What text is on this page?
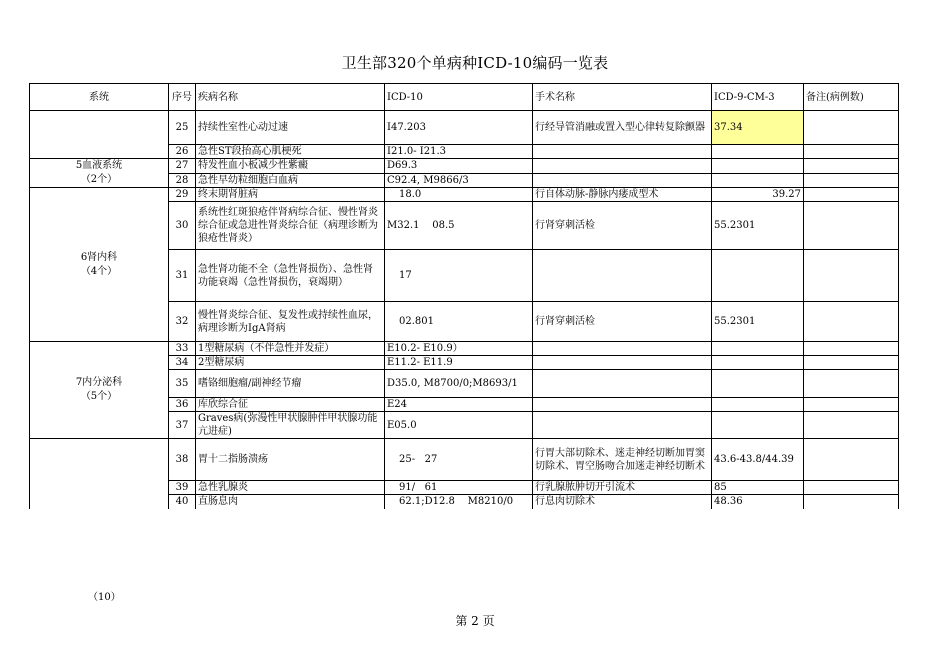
卫生部320个单病种ICD-10编码一览表
系统	序号	疾病名称	ICD-10	手术名称	ICD-9-CM-3	备注(病例数)
	25	持续性室性心动过速	I47.203	行经导管消融或置入型心律转复除颤器	37.34	
	26	急性ST段抬高心肌梗死	I21.0- I21.3			
5血液系统
（2个）	27	特发性血小板减少性紫癜	D69.3			
	28	急性早幼粒细胞白血病	C92.4, M9866/3			
6肾内科
（4个）	29	终末期肾脏病	18.0	行自体动脉-静脉内瘘成型术	39.27	
	30	系统性红斑狼疮伴肾病综合征、慢性肾炎综合征或急进性肾炎综合征（病理诊断为狼疮性肾炎）	M32.1    08.5	行肾穿刺活检	55.2301	
	31	急性肾功能不全（急性肾损伤）、急性肾功能衰竭（急性肾损伤，衰竭期）	17			
	32	慢性肾炎综合征、复发性或持续性血尿，病理诊断为IgA肾病	02.801	行肾穿刺活检	55.2301	
7内分泌科
（5个）	33	1型糖尿病（不伴急性并发症）	E10.2- E10.9）			
	34	2型糖尿病	E11.2- E11.9			
	35	嗜铬细胞瘤/副神经节瘤	D35.0, M8700/0;M8693/1			
	36	库欣综合征	E24			
	37	Graves病(弥漫性甲状腺肿伴甲状腺功能亢进症)	E05.0			
	38	胃十二指肠溃疡	25-   27	行胃大部切除术、迷走神经切断加胃窦切除术、胃空肠吻合加迷走神经切断术	43.6-43.8/44.39	
	39	急性乳腺炎	91/   61	行乳腺脓肿切开引流术	85	
	40	直肠息肉	62.1;D12.8    M8210/0	行息肉切除术	48.36	
（10）
第 2 页
